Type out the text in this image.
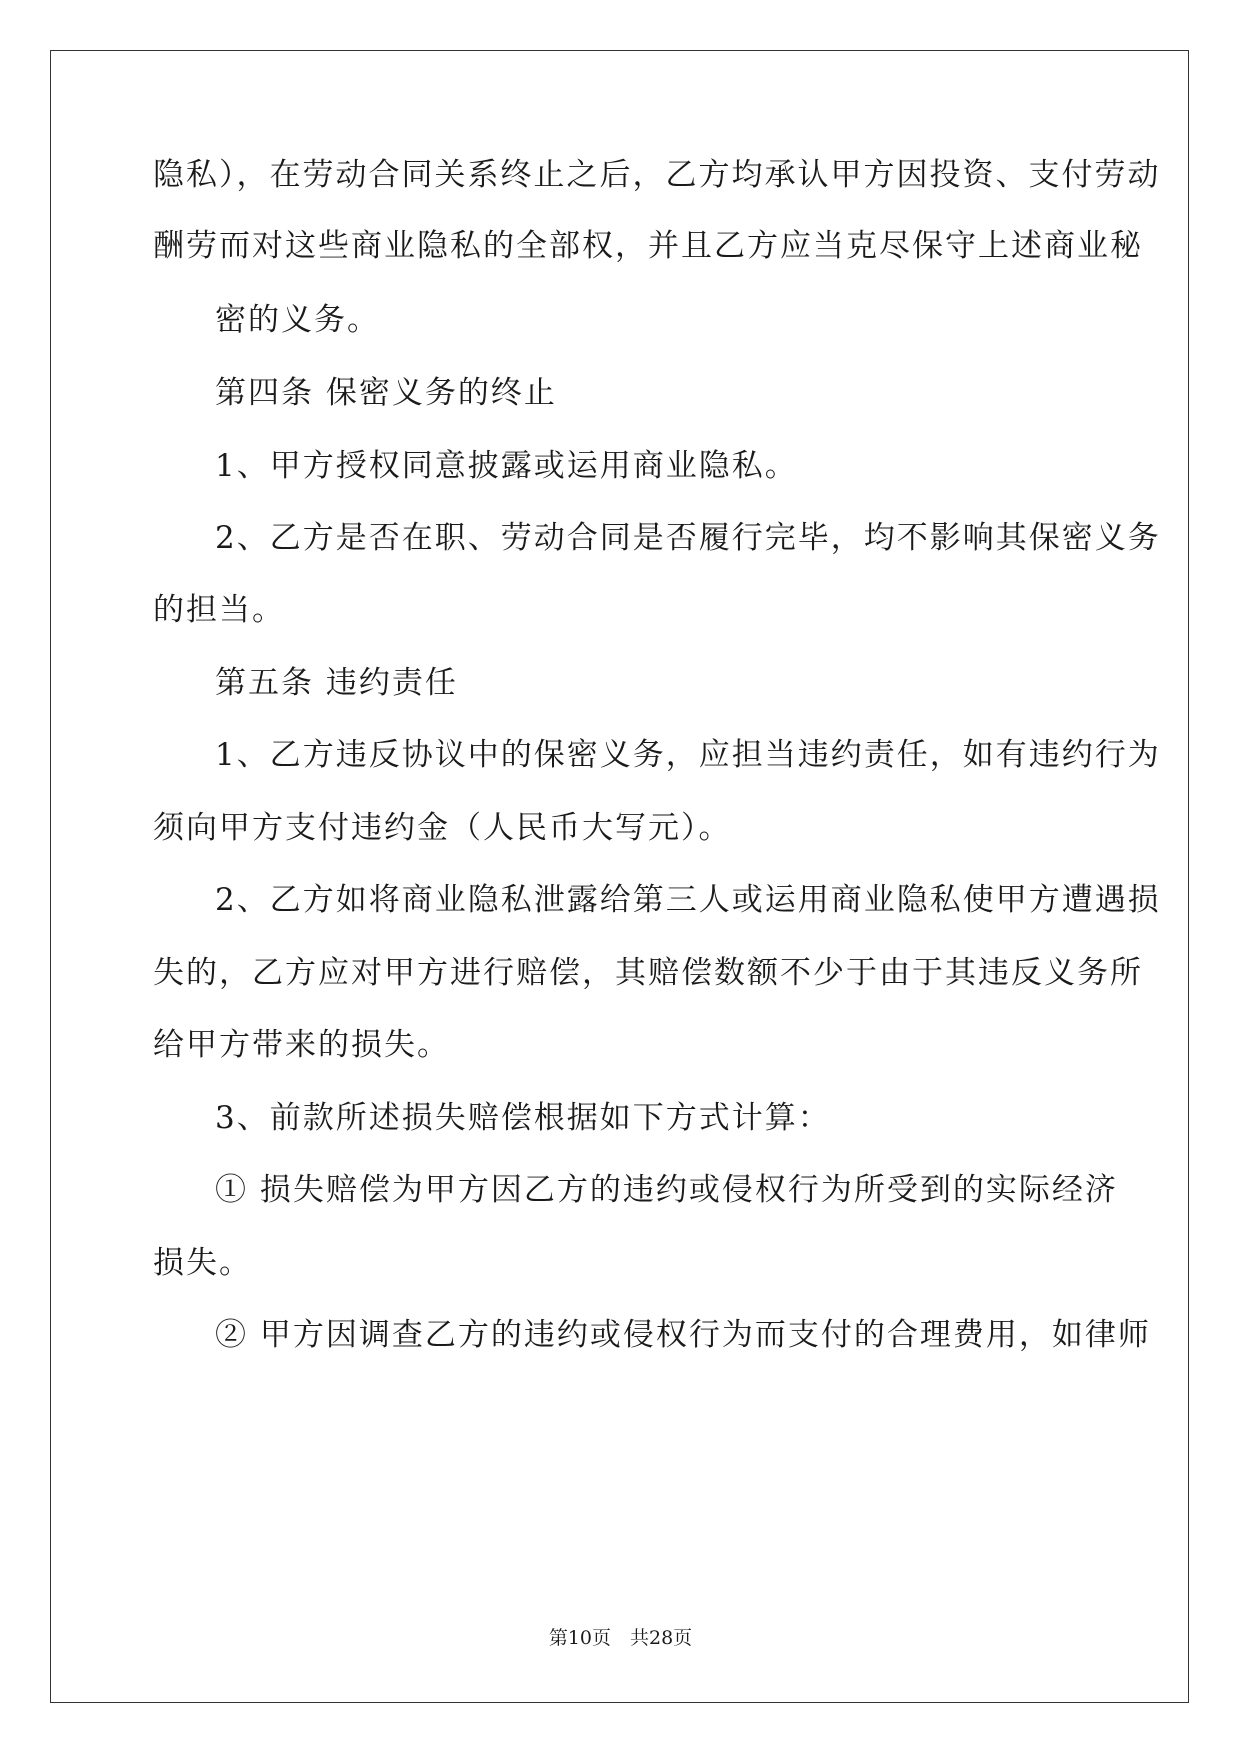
隐私），在劳动合同关系终止之后，乙方均承认甲方因投资、支付劳动
酬劳而对这些商业隐私的全部权，并且乙方应当克尽保守上述商业秘
密的义务。
第四条 保密义务的终止
1、甲方授权同意披露或运用商业隐私。
2、乙方是否在职、劳动合同是否履行完毕，均不影响其保密义务
的担当。
第五条 违约责任
1、乙方违反协议中的保密义务，应担当违约责任，如有违约行为
须向甲方支付违约金（人民币大写元）。
2、乙方如将商业隐私泄露给第三人或运用商业隐私使甲方遭遇损
失的，乙方应对甲方进行赔偿，其赔偿数额不少于由于其违反义务所
给甲方带来的损失。
3、前款所述损失赔偿根据如下方式计算：
① 损失赔偿为甲方因乙方的违约或侵权行为所受到的实际经济
损失。
② 甲方因调查乙方的违约或侵权行为而支付的合理费用，如律师
第10页　共28页
